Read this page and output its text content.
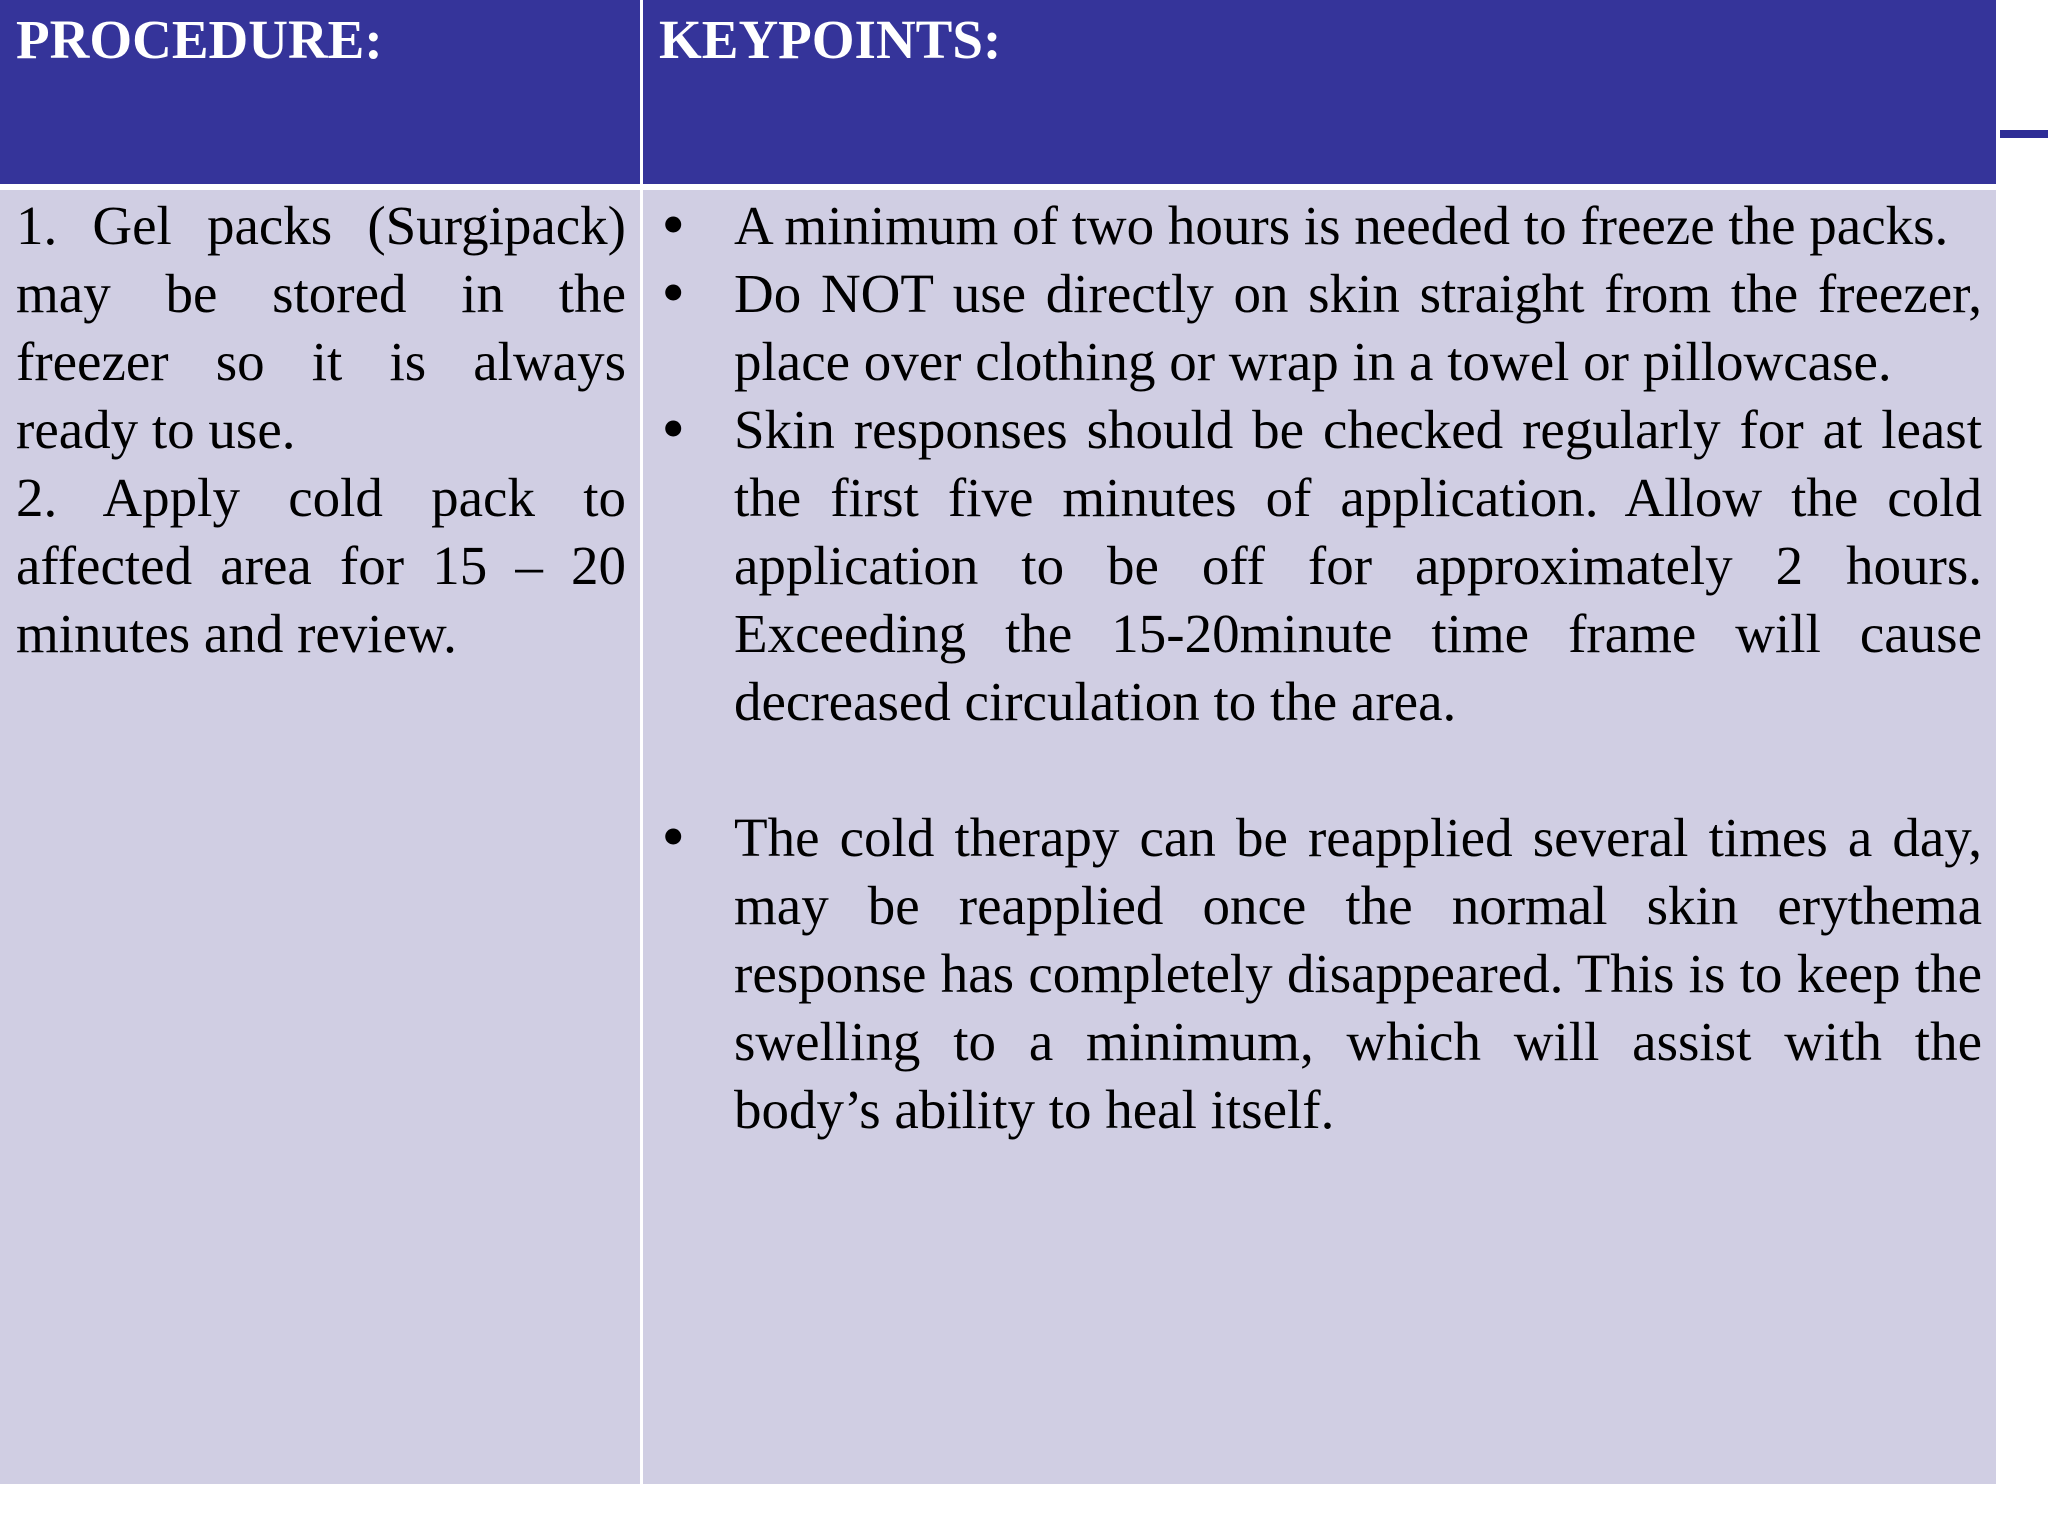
PROCEDURE:	KEYPOINTS:

1. Gel packs (Surgipack) may be stored in the freezer so it is always ready to use.

2. Apply cold pack to affected area for 15 – 20 minutes and review.

• A minimum of two hours is needed to freeze the packs.
• Do NOT use directly on skin straight from the freezer, place over clothing or wrap in a towel or pillowcase.
• Skin responses should be checked regularly for at least the first five minutes of application. Allow the cold application to be off for approximately 2 hours. Exceeding the 15-20minute time frame will cause decreased circulation to the area.
• The cold therapy can be reapplied several times a day, may be reapplied once the normal skin erythema response has completely disappeared. This is to keep the swelling to a minimum, which will assist with the body’s ability to heal itself.
